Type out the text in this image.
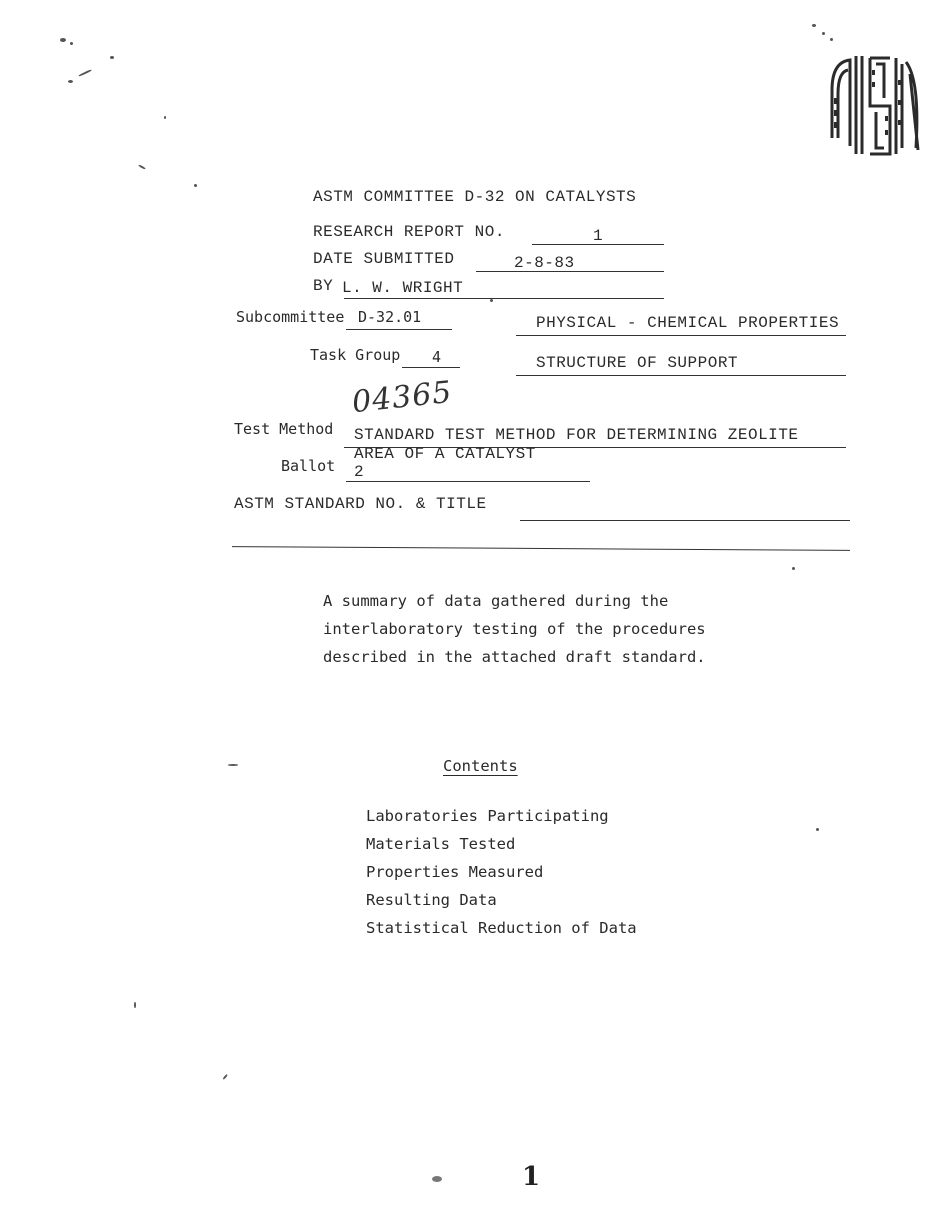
ASTM COMMITTEE D-32 ON CATALYSTS
RESEARCH REPORT NO.	1
DATE SUBMITTED	2-8-83
BY L. W. WRIGHT
Subcommittee D-32.01	PHYSICAL - CHEMICAL PROPERTIES
Task Group	4	STRUCTURE OF SUPPORT
04365
Test Method	STANDARD TEST METHOD FOR DETERMINING ZEOLITE
AREA OF A CATALYST
Ballot	2
ASTM STANDARD NO. & TITLE
A summary of data gathered during the
interlaboratory testing of the procedures
described in the attached draft standard.
Contents
Laboratories Participating
Materials Tested
Properties Measured
Resulting Data
Statistical Reduction of Data
1
